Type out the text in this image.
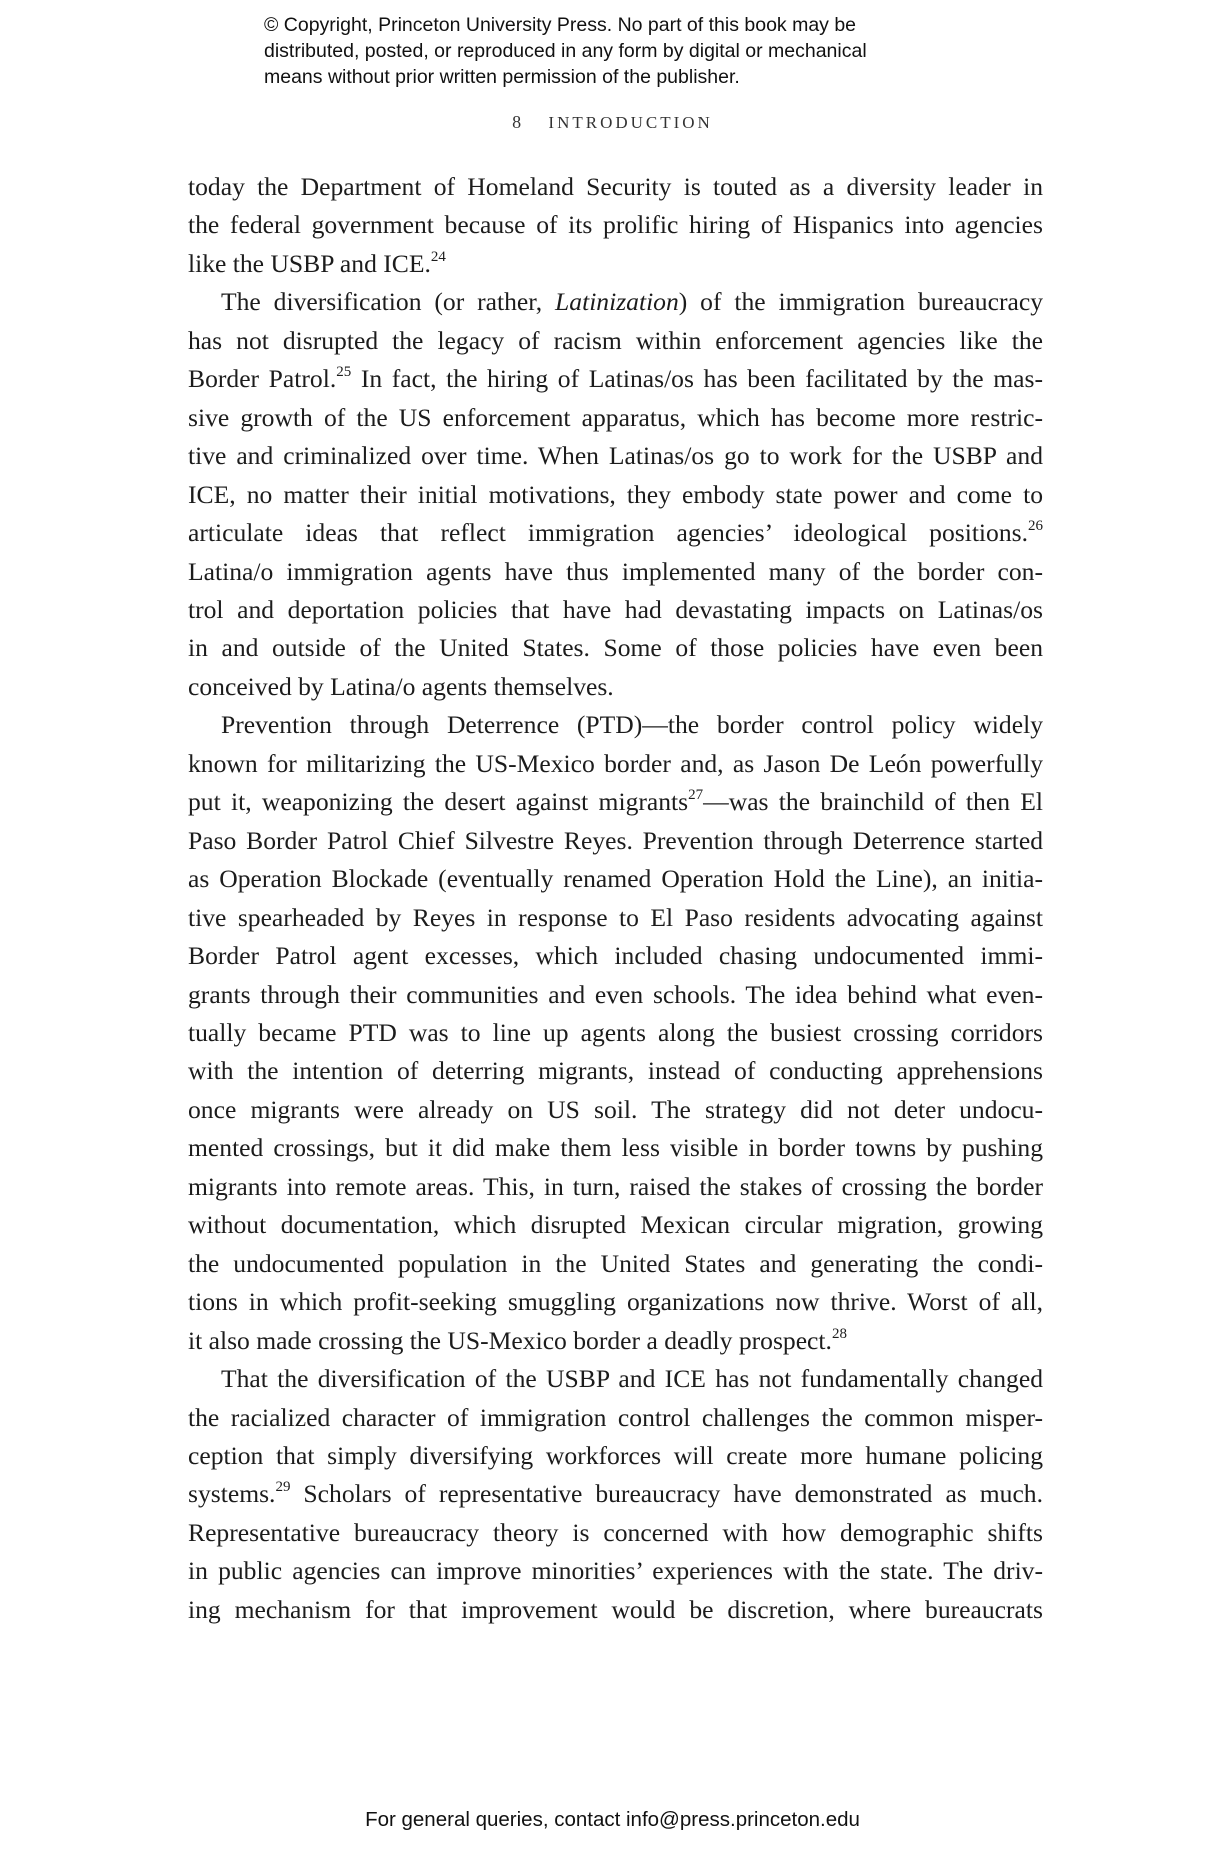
© Copyright, Princeton University Press. No part of this book may be
distributed, posted, or reproduced in any form by digital or mechanical
means without prior written permission of the publisher.
8 INTRODUCTION
today the Department of Homeland Security is touted as a diversity leader in
the federal government because of its prolific hiring of Hispanics into agencies
like the USBP and ICE.$^{24}$
The diversification (or rather, Latinization) of the immigration bureaucracy
has not disrupted the legacy of racism within enforcement agencies like the
Border Patrol.$^{25}$ In fact, the hiring of Latinas/os has been facilitated by the mas-
sive growth of the US enforcement apparatus, which has become more restric-
tive and criminalized over time. When Latinas/os go to work for the USBP and
ICE, no matter their initial motivations, they embody state power and come to
articulate ideas that reflect immigration agencies’ ideological positions.$^{26}$
Latina/o immigration agents have thus implemented many of the border con-
trol and deportation policies that have had devastating impacts on Latinas/os
in and outside of the United States. Some of those policies have even been
conceived by Latina/o agents themselves.
Prevention through Deterrence (PTD)—the border control policy widely
known for militarizing the US-Mexico border and, as Jason De León powerfully
put it, weaponizing the desert against migrants$^{27}$—was the brainchild of then El
Paso Border Patrol Chief Silvestre Reyes. Prevention through Deterrence started
as Operation Blockade (eventually renamed Operation Hold the Line), an initia-
tive spearheaded by Reyes in response to El Paso residents advocating against
Border Patrol agent excesses, which included chasing undocumented immi-
grants through their communities and even schools. The idea behind what even-
tually became PTD was to line up agents along the busiest crossing corridors
with the intention of deterring migrants, instead of conducting apprehensions
once migrants were already on US soil. The strategy did not deter undocu-
mented crossings, but it did make them less visible in border towns by pushing
migrants into remote areas. This, in turn, raised the stakes of crossing the border
without documentation, which disrupted Mexican circular migration, growing
the undocumented population in the United States and generating the condi-
tions in which profit-seeking smuggling organizations now thrive. Worst of all,
it also made crossing the US-Mexico border a deadly prospect.$^{28}$
That the diversification of the USBP and ICE has not fundamentally changed
the racialized character of immigration control challenges the common misper-
ception that simply diversifying workforces will create more humane policing
systems.$^{29}$ Scholars of representative bureaucracy have demonstrated as much.
Representative bureaucracy theory is concerned with how demographic shifts
in public agencies can improve minorities’ experiences with the state. The driv-
ing mechanism for that improvement would be discretion, where bureaucrats
For general queries, contact info@press.princeton.edu
